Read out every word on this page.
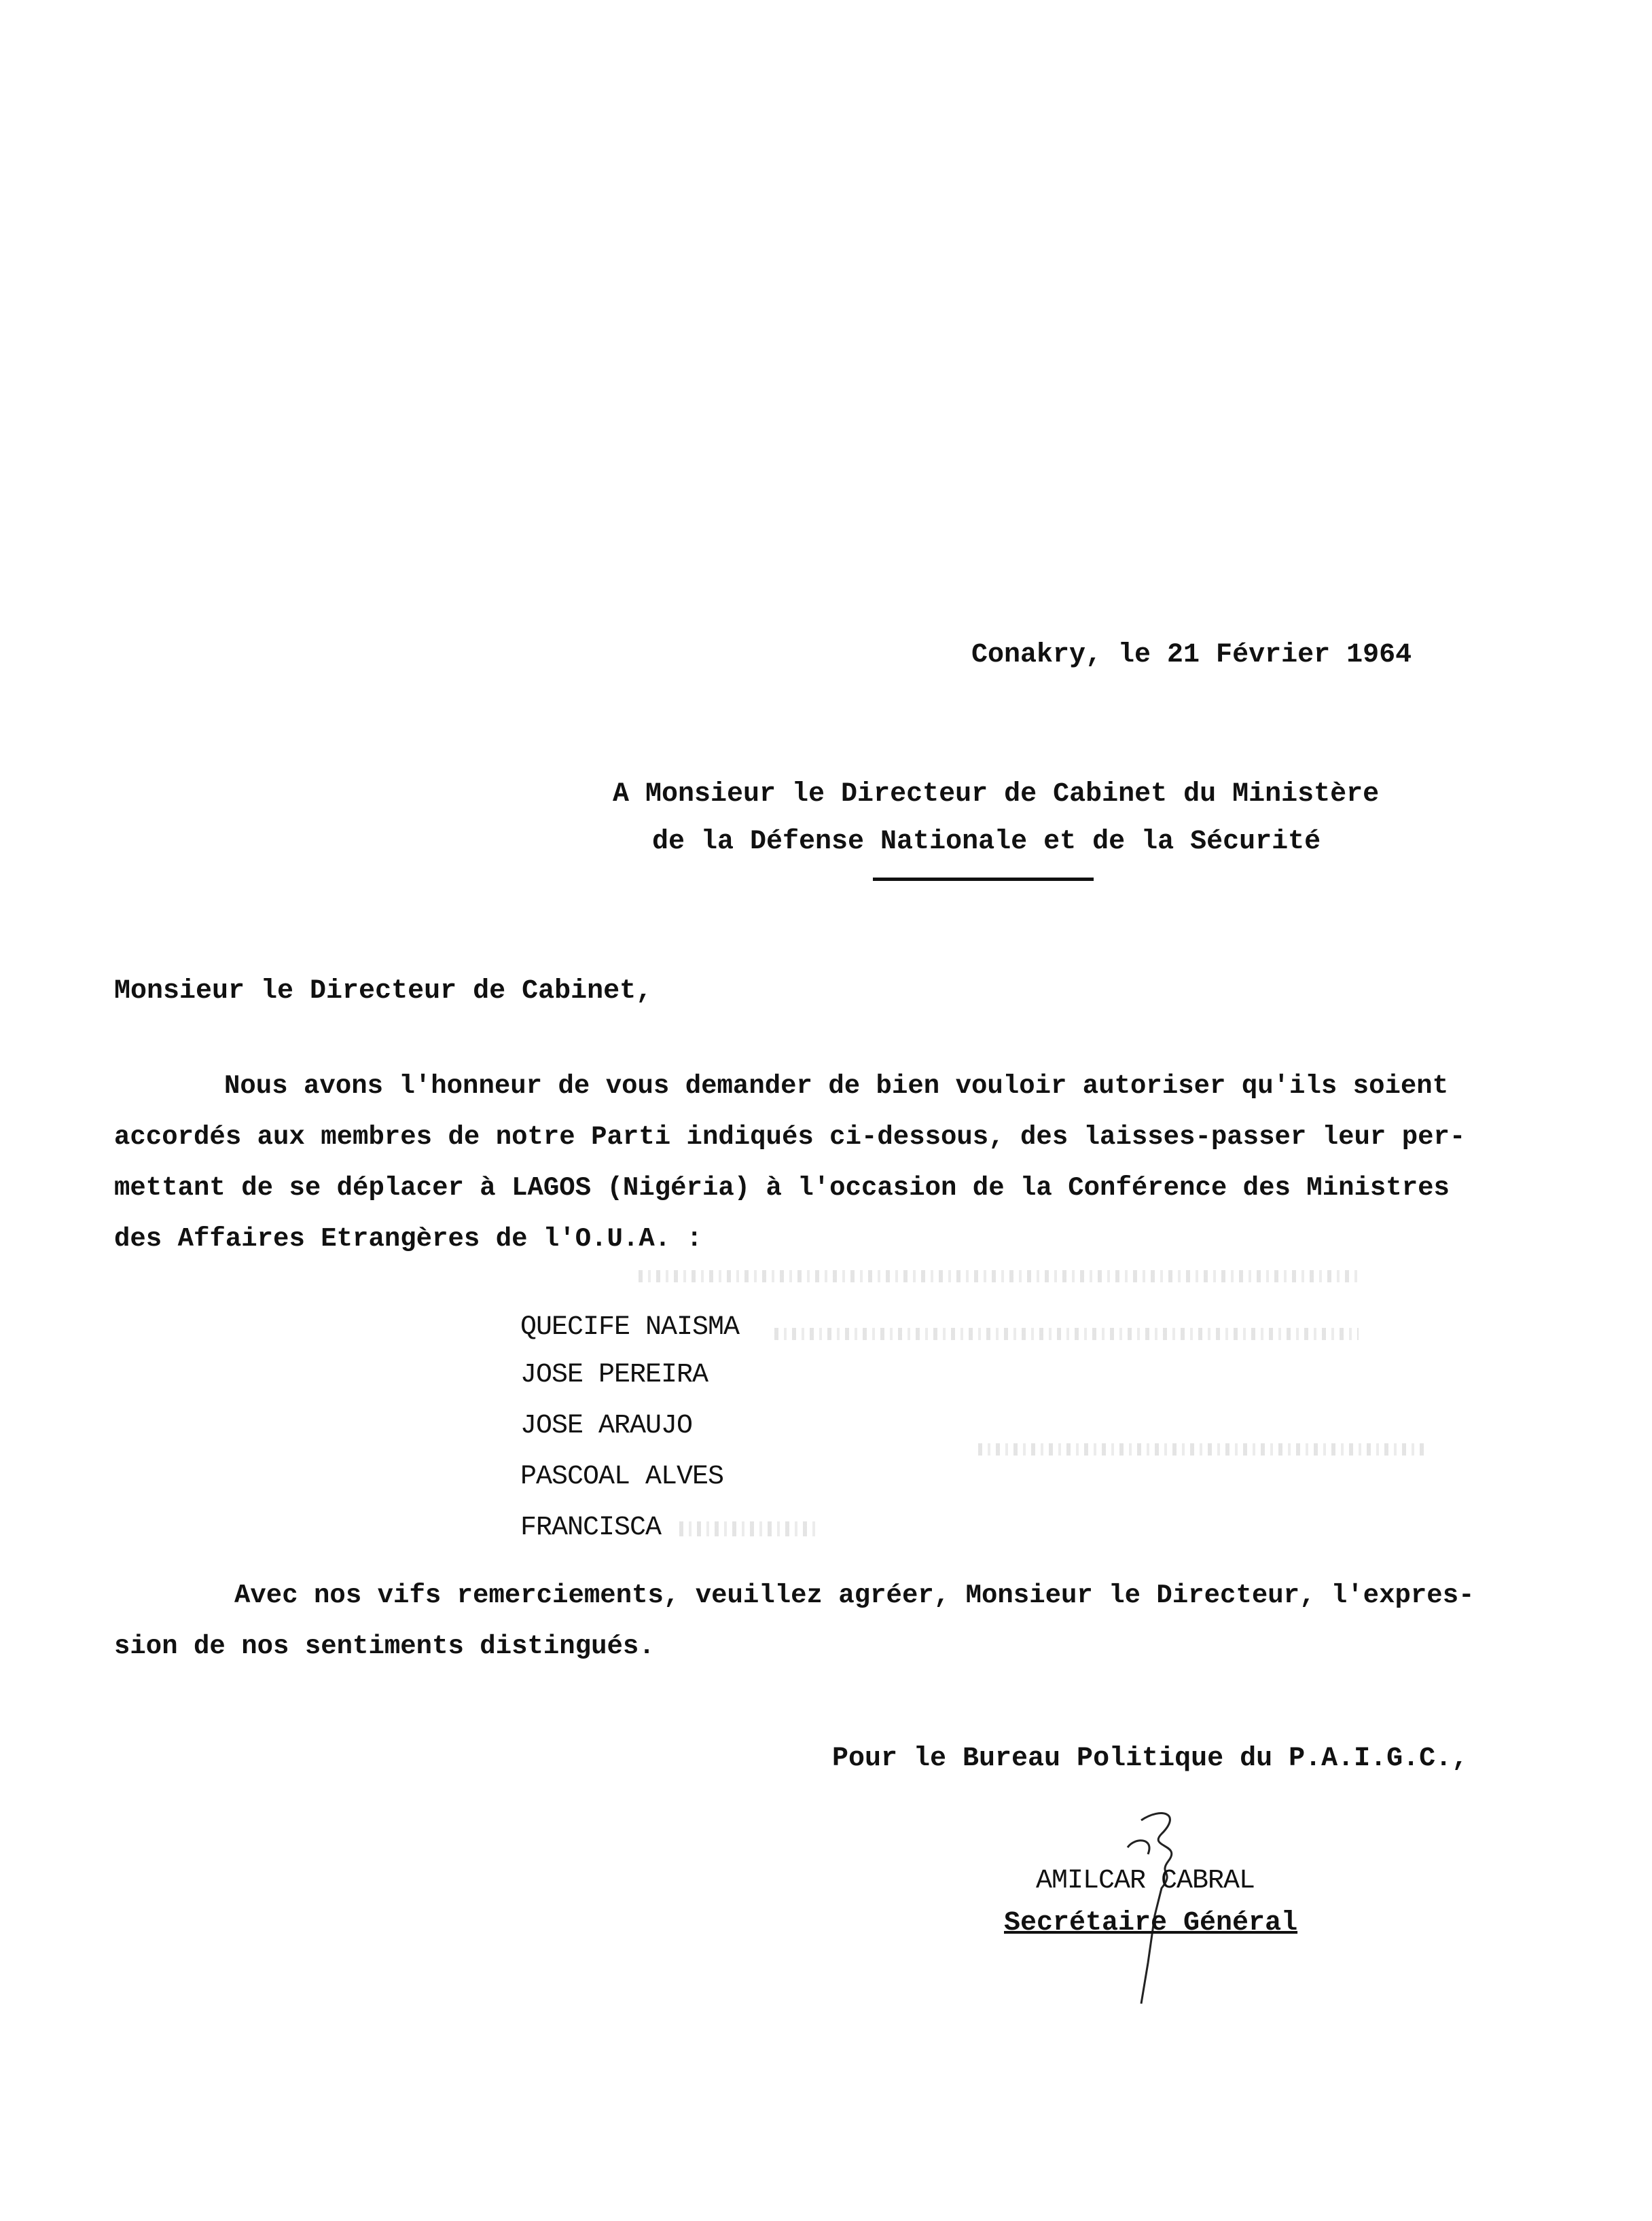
Conakry, le 21 Février 1964
A Monsieur le Directeur de Cabinet du Ministère
de la Défense Nationale et de la Sécurité
Monsieur le Directeur de Cabinet,
Nous avons l'honneur de vous demander de bien vouloir autoriser qu'ils soient
accordés aux membres de notre Parti indiqués ci-dessous, des laisses-passer leur per-
mettant de se déplacer à LAGOS (Nigéria) à l'occasion de la Conférence des Ministres
des Affaires Etrangères de l'O.U.A. :
QUECIFE NAISMA
JOSE PEREIRA
JOSE ARAUJO
PASCOAL ALVES
FRANCISCA
Avec nos vifs remerciements, veuillez agréer, Monsieur le Directeur, l'expres-
sion de nos sentiments distingués.
Pour le Bureau Politique du P.A.I.G.C.,
AMILCAR CABRAL
Secrétaire Général
